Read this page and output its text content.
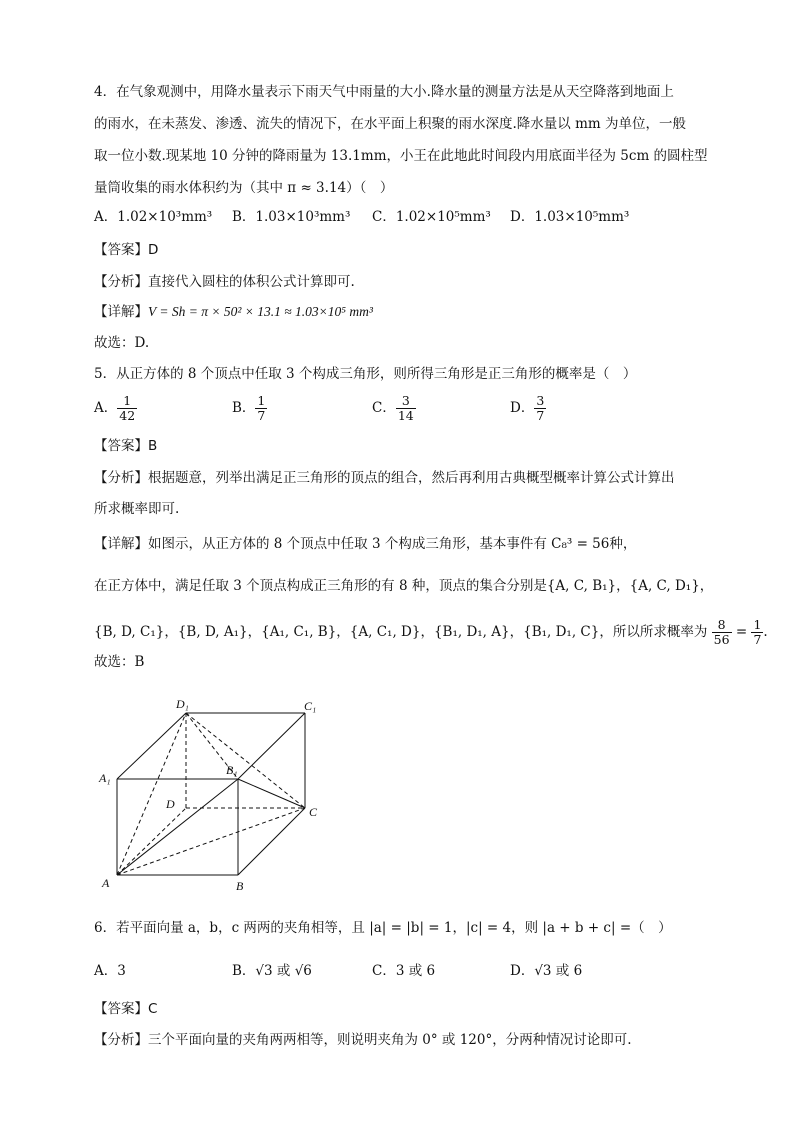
4．在气象观测中，用降水量表示下雨天气中雨量的大小.降水量的测量方法是从天空降落到地面上
的雨水，在未蒸发、渗透、流失的情况下，在水平面上积聚的雨水深度.降水量以 mm 为单位，一般
取一位小数.现某地 10 分钟的降雨量为 13.1mm，小王在此地此时间段内用底面半径为 5cm 的圆柱型
量筒收集的雨水体积约为（其中 π ≈ 3.14）（　）
A．1.02×10³mm³ B．1.03×10³mm³ C．1.02×10⁵mm³ D．1.03×10⁵mm³
【答案】D
【分析】直接代入圆柱的体积公式计算即可.
【详解】V = Sh = π × 50² × 13.1 ≈ 1.03×10⁵ mm³
故选：D.
5．从正方体的 8 个顶点中任取 3 个构成三角形，则所得三角形是正三角形的概率是（　）
A． $\frac{1}{42}$	B． $\frac{1}{7}$	C． $\frac{3}{14}$	D． $\frac{3}{7}$
【答案】B
【分析】根据题意，列举出满足正三角形的顶点的组合，然后再利用古典概型概率计算公式计算出
所求概率即可.
【详解】如图示，从正方体的 8 个顶点中任取 3 个构成三角形，基本事件有 C₈³ = 56种，
在正方体中，满足任取 3 个顶点构成正三角形的有 8 种，顶点的集合分别是{A, C, B₁}，{A, C, D₁}，
{B, D, C₁}，{B, D, A₁}，{A₁, C₁, B}，{A, C₁, D}，{B₁, D₁, A}，{B₁, D₁, C}，所以所求概率为 $\frac{8}{56} = \frac{1}{7}$ .
故选：B
D₁	C₁
A₁
B₁
D
C
A	B
6．若平面向量 a，b，c 两两的夹角相等，且 |a| = |b| = 1，|c| = 4，则 |a + b + c| =（　）
A．3	B．√3 或 √6	C．3 或 6	D．√3 或 6
【答案】C
【分析】三个平面向量的夹角两两相等，则说明夹角为 0° 或 120°，分两种情况讨论即可.
